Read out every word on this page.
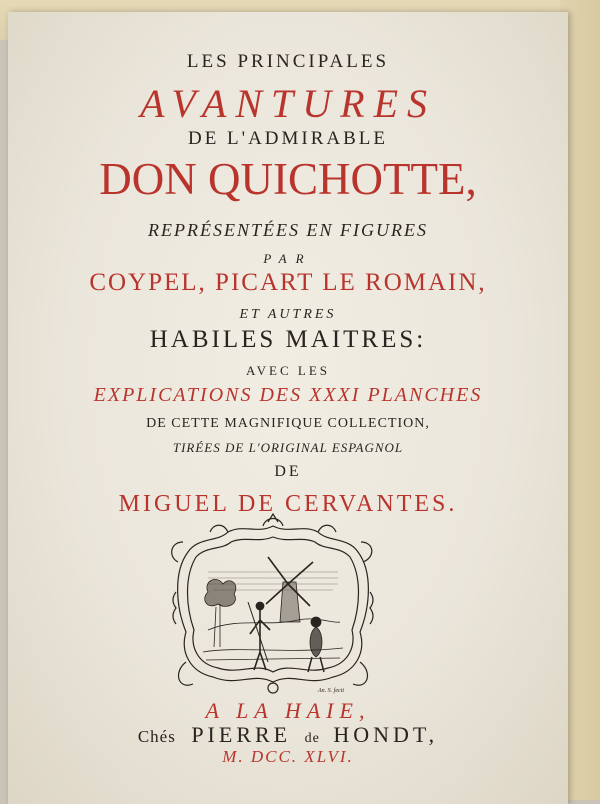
LES PRINCIPALES
AVANTURES
DE L'ADMIRABLE
DON QUICHOTTE,
REPRÉSENTÉES EN FIGURES
PAR
COYPEL, PICART LE ROMAIN,
ET AUTRES
HABILES MAITRES:
AVEC LES
EXPLICATIONS DES XXXI PLANCHES
DE CETTE MAGNIFIQUE COLLECTION,
TIRÉES DE L'ORIGINAL ESPAGNOL
DE
MIGUEL DE CERVANTES.
An. S. fecit
A LA HAIE,
Chés PIERRE de HONDT,
M. DCC. XLVI.
